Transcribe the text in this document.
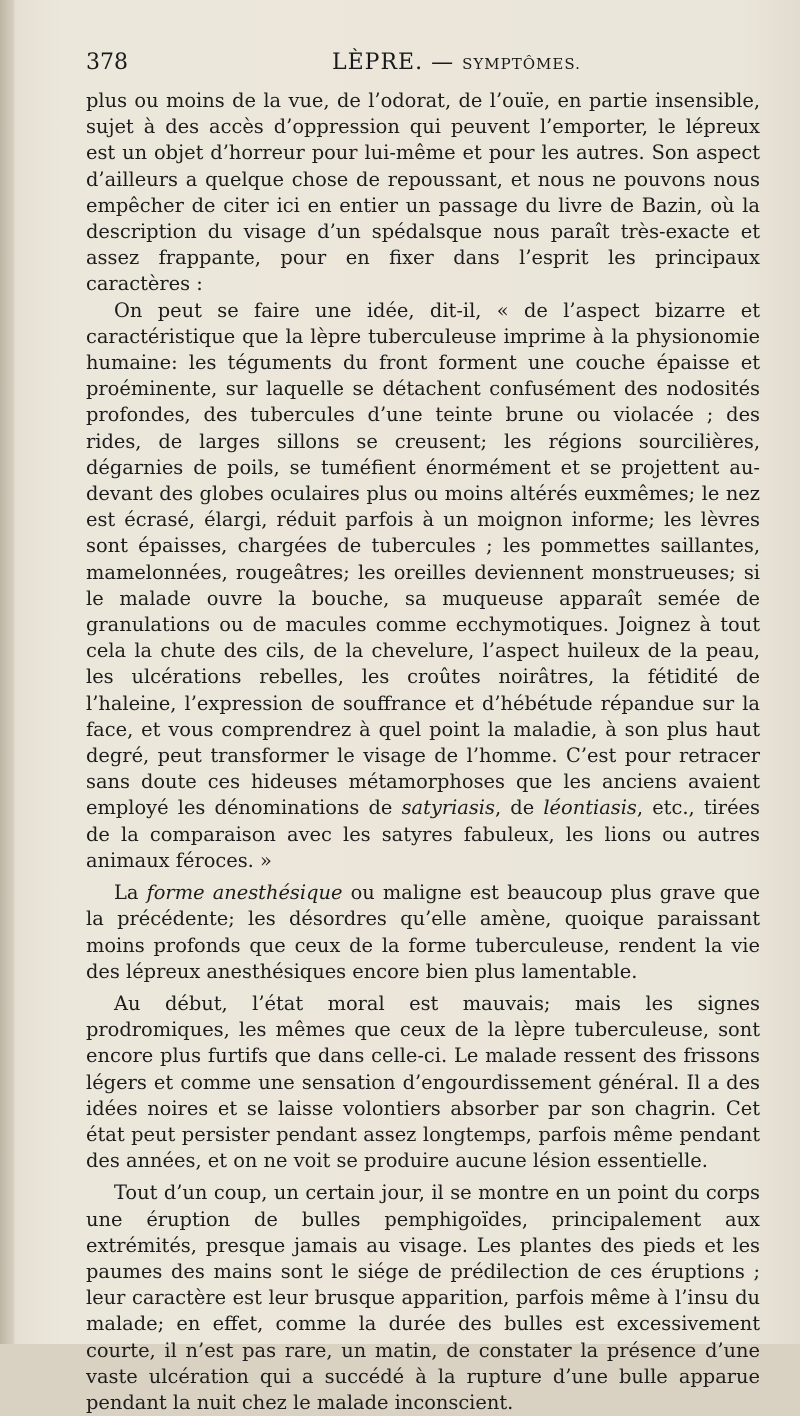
378	LÈPRE. — SYMPTÔMES.

plus ou moins de la vue, de l’odorat, de l’ouïe, en partie insensible, sujet à des accès d’oppression qui peuvent l’emporter, le lépreux est un objet d’horreur pour lui-même et pour les autres. Son aspect d’ailleurs a quelque chose de repoussant, et nous ne pouvons nous empêcher de citer ici en entier un passage du livre de Bazin, où la description du visage d’un spédalsque nous paraît très-exacte et assez frappante, pour en fixer dans l’esprit les principaux caractères :

On peut se faire une idée, dit-il, « de l’aspect bizarre et caractéristique que la lèpre tuberculeuse imprime à la physionomie humaine: les téguments du front forment une couche épaisse et proéminente, sur laquelle se détachent confusément des nodosités profondes, des tubercules d’une teinte brune ou violacée ; des rides, de larges sillons se creusent; les régions sourcilières, dégarnies de poils, se tuméfient énormément et se projettent au-devant des globes oculaires plus ou moins altérés euxmêmes; le nez est écrasé, élargi, réduit parfois à un moignon informe; les lèvres sont épaisses, chargées de tubercules ; les pommettes saillantes, mamelonnées, rougeâtres; les oreilles deviennent monstrueuses; si le malade ouvre la bouche, sa muqueuse apparaît semée de granulations ou de macules comme ecchymotiques. Joignez à tout cela la chute des cils, de la chevelure, l’aspect huileux de la peau, les ulcérations rebelles, les croûtes noirâtres, la fétidité de l’haleine, l’expression de souffrance et d’hébétude répandue sur la face, et vous comprendrez à quel point la maladie, à son plus haut degré, peut transformer le visage de l’homme. C’est pour retracer sans doute ces hideuses métamorphoses que les anciens avaient employé les dénominations de satyriasis, de léontiasis, etc., tirées de la comparaison avec les satyres fabuleux, les lions ou autres animaux féroces. »

La forme anesthésique ou maligne est beaucoup plus grave que la précédente; les désordres qu’elle amène, quoique paraissant moins profonds que ceux de la forme tuberculeuse, rendent la vie des lépreux anesthésiques encore bien plus lamentable.

Au début, l’état moral est mauvais; mais les signes prodromiques, les mêmes que ceux de la lèpre tuberculeuse, sont encore plus furtifs que dans celle-ci. Le malade ressent des frissons légers et comme une sensation d’engourdissement général. Il a des idées noires et se laisse volontiers absorber par son chagrin. Cet état peut persister pendant assez longtemps, parfois même pendant des années, et on ne voit se produire aucune lésion essentielle.

Tout d’un coup, un certain jour, il se montre en un point du corps une éruption de bulles pemphigoïdes, principalement aux extrémités, presque jamais au visage. Les plantes des pieds et les paumes des mains sont le siége de prédilection de ces éruptions ; leur caractère est leur brusque apparition, parfois même à l’insu du malade; en effet, comme la durée des bulles est excessivement courte, il n’est pas rare, un matin, de constater la présence d’une vaste ulcération qui a succédé à la rupture d’une bulle apparue pendant la nuit chez le malade inconscient.
